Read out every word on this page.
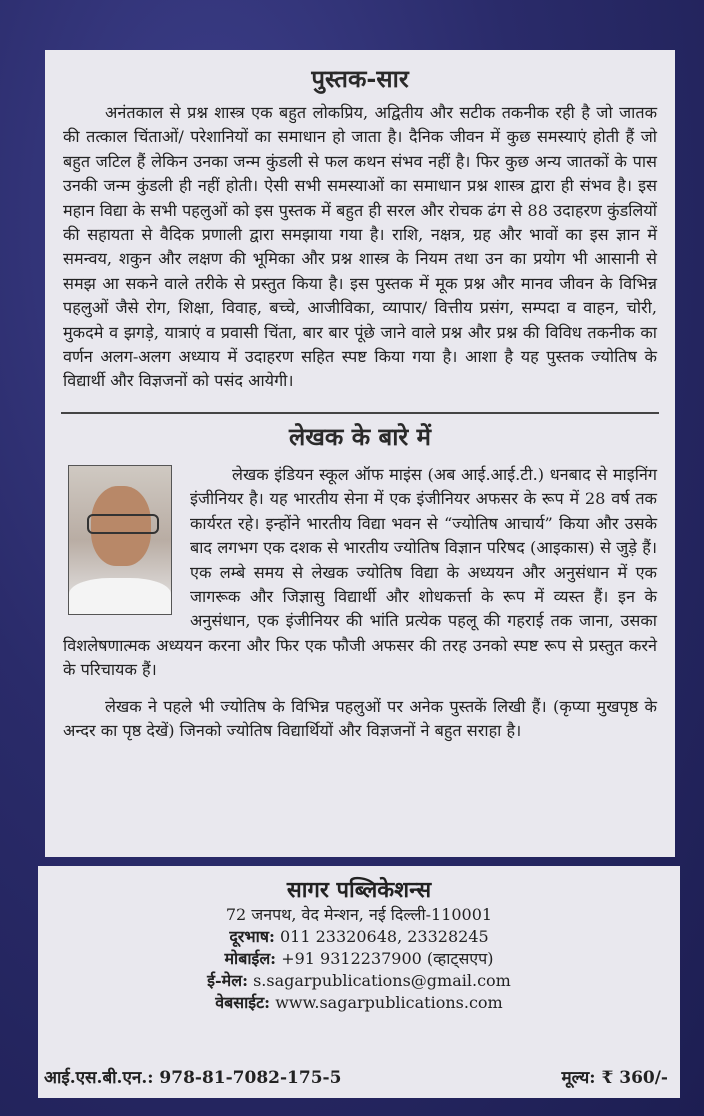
पुस्तक-सार

अनंतकाल से प्रश्न शास्त्र एक बहुत लोकप्रिय, अद्वितीय और सटीक तकनीक रही है जो जातक की तत्काल चिंताओं/ परेशानियों का समाधान हो जाता है। दैनिक जीवन में कुछ समस्याएं होती हैं जो बहुत जटिल हैं लेकिन उनका जन्म कुंडली से फल कथन संभव नहीं है। फिर कुछ अन्य जातकों के पास उनकी जन्म कुंडली ही नहीं होती। ऐसी सभी समस्याओं का समाधान प्रश्न शास्त्र द्वारा ही संभव है। इस महान विद्या के सभी पहलुओं को इस पुस्तक में बहुत ही सरल और रोचक ढंग से 88 उदाहरण कुंडलियों की सहायता से वैदिक प्रणाली द्वारा समझाया गया है। राशि, नक्षत्र, ग्रह और भावों का इस ज्ञान में समन्वय, शकुन और लक्षण की भूमिका और प्रश्न शास्त्र के नियम तथा उन का प्रयोग भी आसानी से समझ आ सकने वाले तरीके से प्रस्तुत किया है। इस पुस्तक में मूक प्रश्न और मानव जीवन के विभिन्न पहलुओं जैसे रोग, शिक्षा, विवाह, बच्चे, आजीविका, व्यापार/ वित्तीय प्रसंग, सम्पदा व वाहन, चोरी, मुकदमे व झगड़े, यात्राएं व प्रवासी चिंता, बार बार पूंछे जाने वाले प्रश्न और प्रश्न की विविध तकनीक का वर्णन अलग-अलग अध्याय में उदाहरण सहित स्पष्ट किया गया है। आशा है यह पुस्तक ज्योतिष के विद्यार्थी और विज्ञजनों को पसंद आयेगी।

लेखक के बारे में

लेखक इंडियन स्कूल ऑफ माइंस (अब आई.आई.टी.) धनबाद से माइनिंग इंजीनियर है। यह भारतीय सेना में एक इंजीनियर अफसर के रूप में 28 वर्ष तक कार्यरत रहे। इन्होंने भारतीय विद्या भवन से “ज्योतिष आचार्य” किया और उसके बाद लगभग एक दशक से भारतीय ज्योतिष विज्ञान परिषद (आइकास) से जुड़े हैं। एक लम्बे समय से लेखक ज्योतिष विद्या के अध्ययन और अनुसंधान में एक जागरूक और जिज्ञासु विद्यार्थी और शोधकर्त्ता के रूप में व्यस्त हैं। इन के अनुसंधान, एक इंजीनियर की भांति प्रत्येक पहलू की गहराई तक जाना, उसका विशलेषणात्मक अध्ययन करना और फिर एक फौजी अफसर की तरह उनको स्पष्ट रूप से प्रस्तुत करने के परिचायक हैं।

लेखक ने पहले भी ज्योतिष के विभिन्न पहलुओं पर अनेक पुस्तकें लिखी हैं। (कृप्या मुखपृष्ठ के अन्दर का पृष्ठ देखें) जिनको ज्योतिष विद्यार्थियों और विज्ञजनों ने बहुत सराहा है।

सागर पब्लिकेशन्स
72 जनपथ, वेद मेन्शन, नई दिल्ली-110001
दूरभाष: 011 23320648, 23328245
मोबाईल: +91 9312237900 (व्हाट्सएप)
ई-मेल: s.sagarpublications@gmail.com
वेबसाईट: www.sagarpublications.com
आई.एस.बी.एन.: 978-81-7082-175-5	मूल्य: ₹ 360/-
